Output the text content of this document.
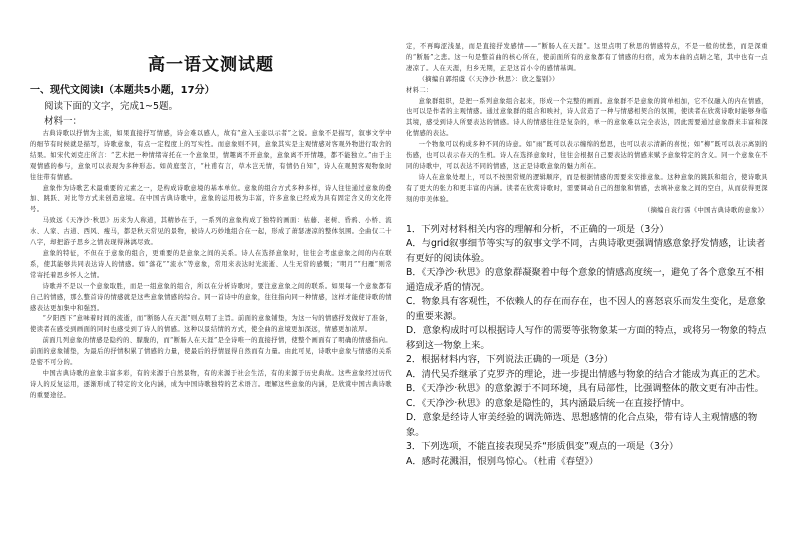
高一语文测试题
一、现代文阅读Ⅰ（本题共5小题，17分）
阅读下面的文字，完成1~5题。
材料一：

古典诗歌以抒情为主流，如果直接抒写情感，诗会难以感人，故有“意入玉壶以示者”之说。意象不是描写，叙事文学中的细节有时候就是描写，诗歌意象，有点一定程度上的写实性。而意象则不同，意象其实是主观情感对客观外物进行取舍的结果。如宋代刘克庄所言：“艺术把一种情绪寄托在一个意象里，情趣离不开意象，意象离不开情趣，都不能独立。”由于主观情感的参与，意象可以表现为多种形态。如黄庭坚言，“杜甫有言，草木岂无情，有情仍自知”，诗人在观照客观物象时往往带有情感。

意象作为诗歌艺术最重要的元素之一，是构成诗歌意境的基本单位。意象的组合方式多种多样，诗人往往通过意象的叠加、跳跃、对比等方式来创造意境。在中国古典诗歌中，意象的运用极为丰富，许多意象已经成为具有固定含义的文化符号。

马致远《天净沙·秋思》历来为人称道，其精妙在于，一系列的意象构成了独特的画面：枯藤、老树、昏鸦、小桥、流水、人家、古道、西风、瘦马，都是秋天常见的景物，被诗人巧妙地组合在一起，形成了萧瑟凄凉的整体氛围。全曲仅二十八字，却把游子思乡之情表现得淋漓尽致。

意象的特征，不但在于意象的组合，更重要的是意象之间的关系。诗人在选择意象时，往往会考虑意象之间的内在联系，使其能够共同表达诗人的情感。如“落花”“流水”等意象，常用来表达时光流逝、人生无常的感慨；“明月”“归雁”则常常寄托着思乡怀人之情。

诗歌并不是以一个意象取胜，而是一组意象的组合，所以在分析诗歌时，要注意意象之间的联系。如果每一个意象都有自己的情感，那么整首诗的情感就是这些意象情感的综合。同一首诗中的意象，往往指向同一种情感，这样才能使诗歌的情感表达更加集中和强烈。

“夕阳西下”意味着时间的流逝，而“断肠人在天涯”则点明了主旨。前面的意象铺垫，为这一句的情感抒发做好了准备，使读者在感受到画面的同时也感受到了诗人的情感。这种以景结情的方式，使全曲的意境更加深远，情感更加浓厚。

前面几列意象的情感是隐约的、朦胧的，而“断肠人在天涯”是全诗唯一的直接抒情，使整个画面有了明确的情感指向。前面的意象铺垫，为最后的抒情积累了情感的力量，使最后的抒情显得自然而有力量。由此可见，诗歌中意象与情感的关系是密不可分的。

中国古典诗歌的意象丰富多彩，有的来源于自然景物，有的来源于社会生活，有的来源于历史典故。这些意象经过历代诗人的反复运用，逐渐形成了特定的文化内涵，成为中国诗歌独特的艺术语言。理解这些意象的内涵，是欣赏中国古典诗歌的重要途径。

定，不再晦涩浅显，而是直接抒发感情——“断肠人在天涯”。这里点明了秋思的情感特点，不是一般的忧愁，而是深重的“断肠”之悲。这一句是整首曲的核心所在，使前面所有的意象都有了情感的归宿，成为本曲的点睛之笔，其中也有一点凄凉了。人在天涯，归乡无期，正是这首小令的感情基调。

（摘编自郭绍虞《〈天净沙·秋思〉：欣之鉴别》）

材料二：

意象群组织，是把一系列意象组合起来，形成一个完整的画面。意象群不是意象的简单相加，它不仅融入的内在情感，也可以是作者的主观情感。通过意象群的组合和映衬，诗人营造了一种与情感相契合的氛围，使读者在欣赏诗歌时能够身临其境，感受到诗人所要表达的情感。诗人的情感往往是复杂的，单一的意象难以完全表达，因此需要通过意象群来丰富和深化情感的表达。

一个物象可以构成多种不同的诗意。如“雨”既可以表示缠绵的愁思，也可以表示清新的喜悦；如“柳”既可以表示离别的伤感，也可以表示春天的生机。诗人在选择意象时，往往会根据自己要表达的情感来赋予意象特定的含义。同一个意象在不同的诗歌中，可以表达不同的情感，这正是诗歌意象的魅力所在。

诗人在意象处理上，可以不按照常规的逻辑顺序，而是根据情感的需要来安排意象。这种意象的跳跃和组合，使诗歌具有了更大的张力和更丰富的内涵。读者在欣赏诗歌时，需要调动自己的想象和情感，去填补意象之间的空白，从而获得更深刻的审美体验。

（摘编自袁行霈《中国古典诗歌的意象》）

1．下列对材料相关内容的理解和分析，不正确的一项是（3分）

A．与grid叙事细节等实写的叙事文学不同，古典诗歌更强调情感意象抒发情感，让读者有更好的阅读体验。

B．《天净沙·秋思》的意象群凝聚着中每个意象的情感高度统一，避免了各个意象互不相通造成矛盾的情况。

C．物象具有客观性，不依赖人的存在而存在，也不因人的喜怒哀乐而发生变化，是意象的重要来源。

D．意象构成时可以根据诗人写作的需要等张物象某一方面的特点，或将另一物象的特点移到这一物象上来。

2．根据材料内容，下列说法正确的一项是（3分）

A．清代吴乔继承了克罗齐的理论，进一步提出情感与物象的结合才能成为真正的艺术。

B．《天净沙·秋思》的意象源于不同环境，具有局部性，比强调整体的散文更有冲击性。

C．《天净沙·秋思》的意象是隐性的，其内涵最后统一在直接抒情中。

D．意象是经诗人审美经验的调洗筛选、思想感情的化合点染，带有诗人主观情感的物象。

3．下列选项，不能直接表现吴乔“形质俱变”观点的一项是（3分）

A．感时花溅泪，恨别鸟惊心。（杜甫《春望》）
